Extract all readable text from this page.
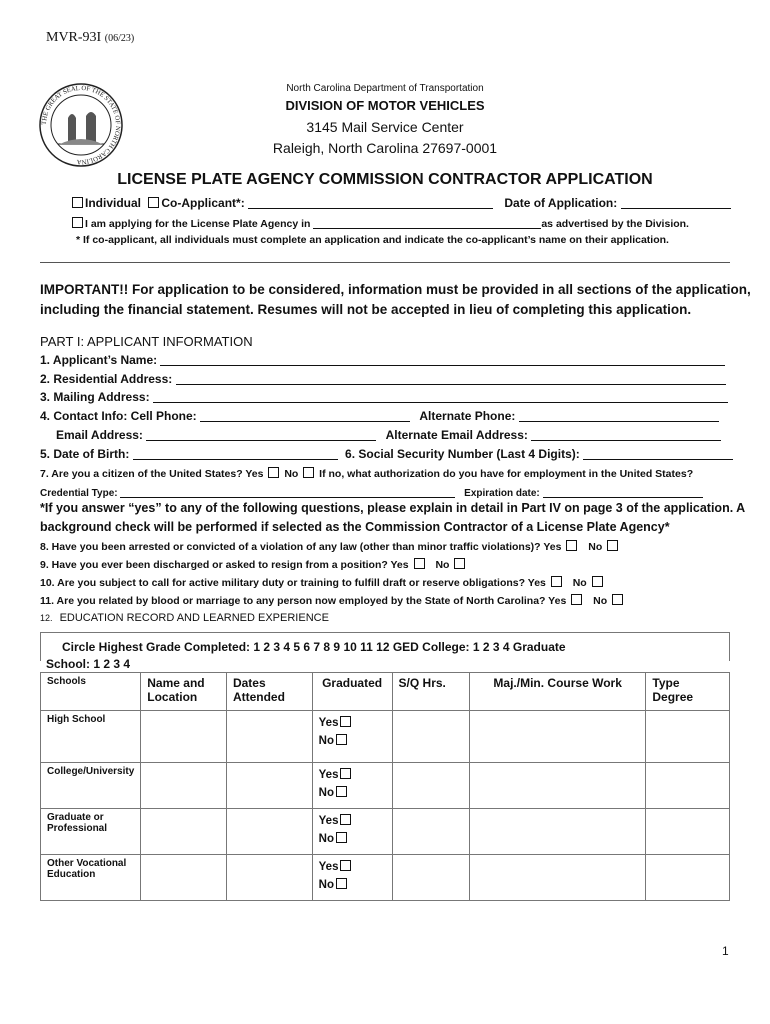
MVR-93I (06/23)
THE GREAT SEAL OF THE STATE OF NORTH CAROLINA
North Carolina Department of Transportation
DIVISION OF MOTOR VEHICLES
3145 Mail Service Center
Raleigh, North Carolina 27697-0001
LICENSE PLATE AGENCY COMMISSION CONTRACTOR APPLICATION
Individual Co-Applicant*:	Date of Application:
I am applying for the License Plate Agency in	as advertised by the Division.
* If co-applicant, all individuals must complete an application and indicate the co-applicant’s name on their application.
IMPORTANT!! For application to be considered, information must be provided in all sections of the application,
including the financial statement. Resumes will not be accepted in lieu of completing this application.
PART I: APPLICANT INFORMATION
1. Applicant’s Name:
2. Residential Address:
3. Mailing Address:
4. Contact Info: Cell Phone:	Alternate Phone:
Email Address:	Alternate Email Address:
5. Date of Birth:	6. Social Security Number (Last 4 Digits):
7. Are you a citizen of the United States? Yes No If no, what authorization do you have for employment in the United States?
Credential Type:	Expiration date:
*If you answer “yes” to any of the following questions, please explain in detail in Part IV on page 3 of the application. A
background check will be performed if selected as the Commission Contractor of a License Plate Agency*
8. Have you been arrested or convicted of a violation of any law (other than minor traffic violations)? Yes	No
9. Have you ever been discharged or asked to resign from a position? Yes	No
10. Are you subject to call for active military duty or training to fulfill draft or reserve obligations? Yes	No
11. Are you related by blood or marriage to any person now employed by the State of North Carolina? Yes	No
12. EDUCATION RECORD AND LEARNED EXPERIENCE
Circle Highest Grade Completed: 1 2 3 4 5 6 7 8 9 10 11 12 GED College: 1 2 3 4 Graduate
School: 1 2 3 4
Schools	Name and Location	Dates Attended	Graduated	S/Q Hrs.	Maj./Min. Course Work	Type Degree
High School			Yes
No			
College/University			Yes
No			
Graduate or Professional			Yes
No			
Other Vocational Education			Yes
No			
1
